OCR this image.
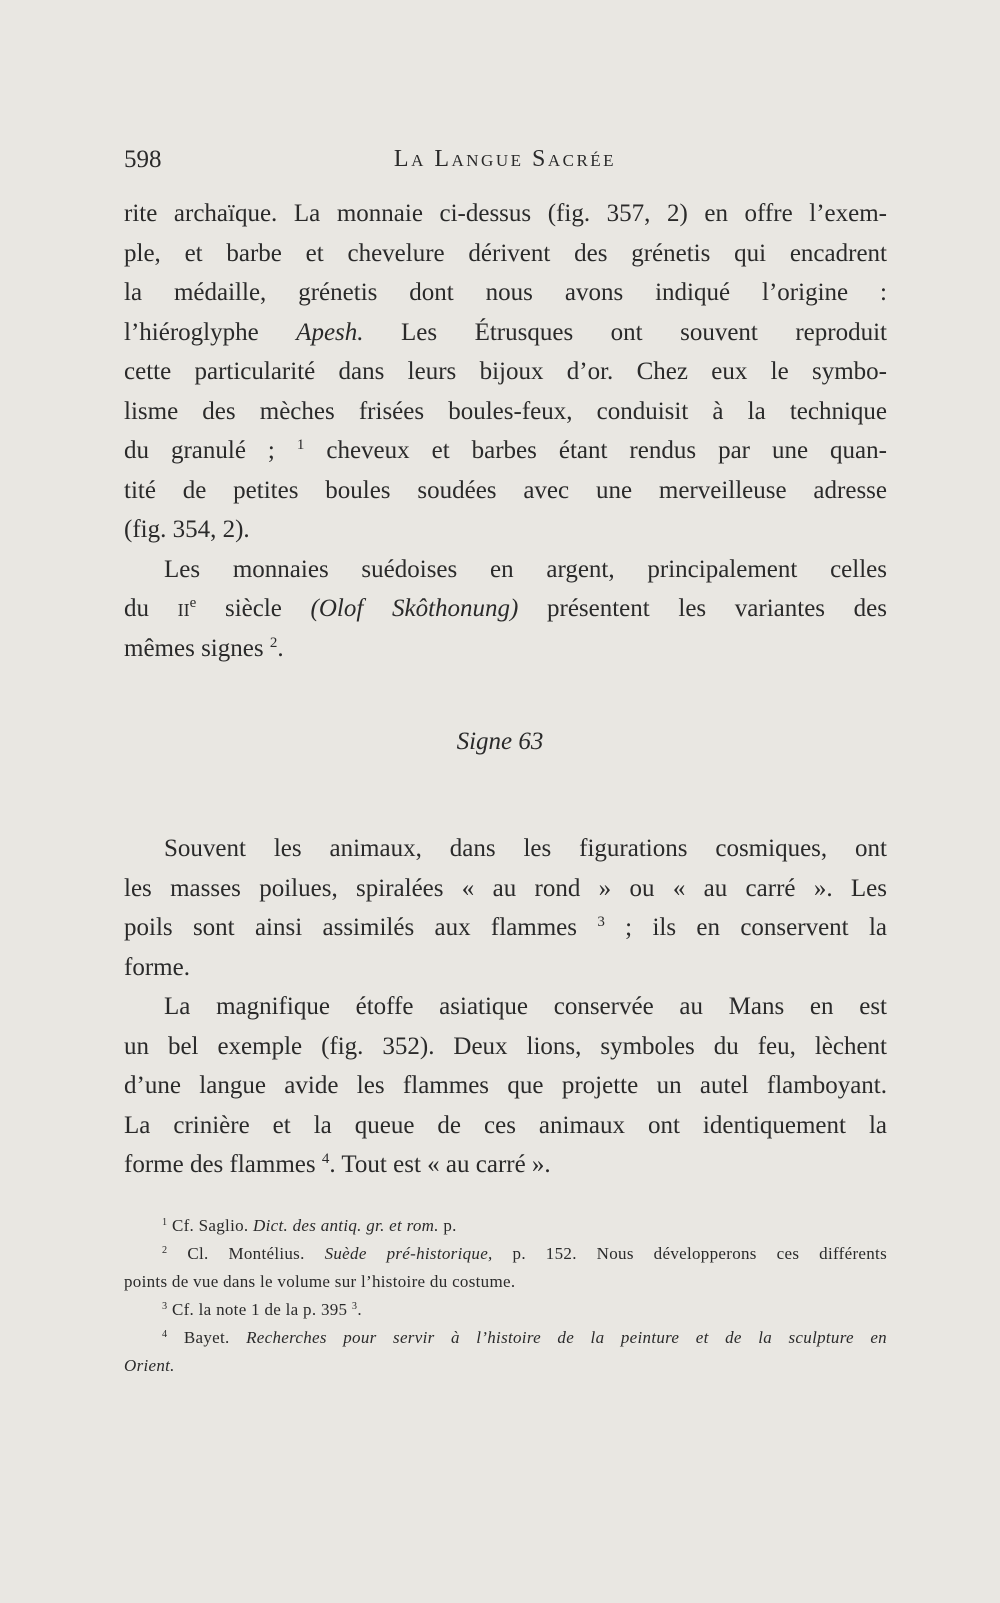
598	La Langue Sacrée
rite archaïque. La monnaie ci-dessus (fig. 357, 2) en offre l’exem-
ple, et barbe et chevelure dérivent des grénetis qui encadrent
la médaille, grénetis dont nous avons indiqué l’origine :
l’hiéroglyphe Apesh. Les Étrusques ont souvent reproduit
cette particularité dans leurs bijoux d’or. Chez eux le symbo-
lisme des mèches frisées boules-feux, conduisit à la technique
du granulé ; $^1$ cheveux et barbes étant rendus par une quan-
tité de petites boules soudées avec une merveilleuse adresse
(fig. 354, 2).
Les monnaies suédoises en argent, principalement celles
du $ii^e$ siècle (Olof Skôthonung) présentent les variantes des
mêmes signes $^2$.
Signe 63
Souvent les animaux, dans les figurations cosmiques, ont
les masses poilues, spiralées « au rond » ou « au carré ». Les
poils sont ainsi assimilés aux flammes $^3$ ; ils en conservent la
forme.
La magnifique étoffe asiatique conservée au Mans en est
un bel exemple (fig. 352). Deux lions, symboles du feu, lèchent
d’une langue avide les flammes que projette un autel flamboyant.
La crinière et la queue de ces animaux ont identiquement la
forme des flammes $^4$. Tout est « au carré ».
$^1$ Cf. Saglio. Dict. des antiq. gr. et rom. p.
$^2$ Cl. Montélius. Suède pré-historique, p. 152. Nous développerons ces différents
points de vue dans le volume sur l’histoire du costume.
$^3$ Cf. la note 1 de la p. 395 $^3$.
$^4$ Bayet. Recherches pour servir à l’histoire de la peinture et de la sculpture en
Orient.
